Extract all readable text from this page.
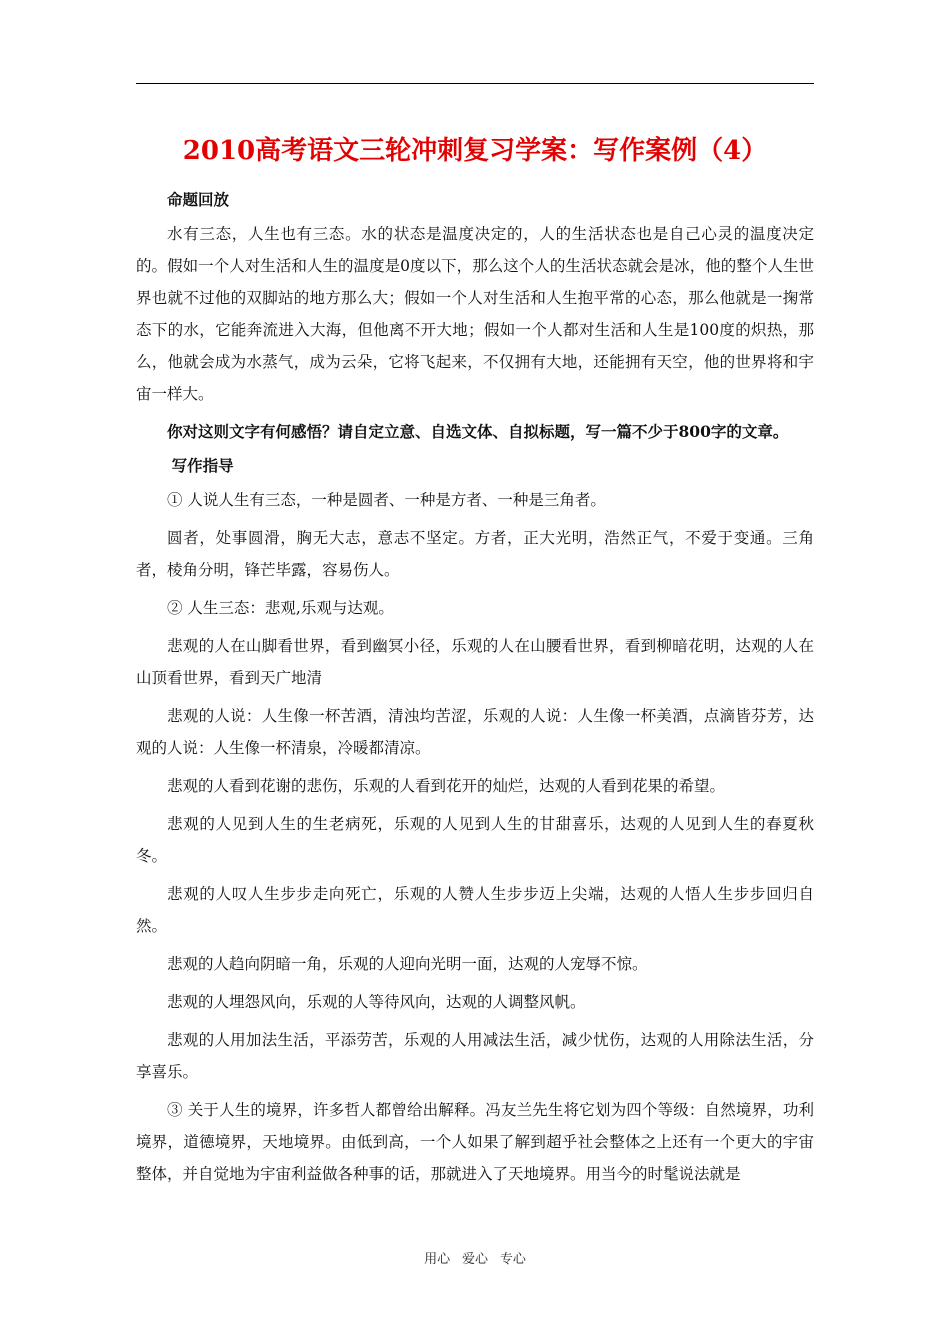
2010高考语文三轮冲刺复习学案：写作案例（4）

命题回放

水有三态，人生也有三态。水的状态是温度决定的，人的生活状态也是自己心灵的温度决定的。假如一个人对生活和人生的温度是0度以下，那么这个人的生活状态就会是冰，他的整个人生世界也就不过他的双脚站的地方那么大；假如一个人对生活和人生抱平常的心态，那么他就是一掬常态下的水，它能奔流进入大海，但他离不开大地；假如一个人都对生活和人生是100度的炽热，那么，他就会成为水蒸气，成为云朵，它将飞起来，不仅拥有大地，还能拥有天空，他的世界将和宇宙一样大。

你对这则文字有何感悟？请自定立意、自选文体、自拟标题，写一篇不少于800字的文章。

写作指导

① 人说人生有三态，一种是圆者、一种是方者、一种是三角者。

圆者，处事圆滑，胸无大志，意志不坚定。方者，正大光明，浩然正气，不爱于变通。三角者，棱角分明，锋芒毕露，容易伤人。

② 人生三态：悲观,乐观与达观。

悲观的人在山脚看世界，看到幽冥小径，乐观的人在山腰看世界，看到柳暗花明，达观的人在山顶看世界，看到天广地清

悲观的人说：人生像一杯苦酒，清浊均苦涩，乐观的人说：人生像一杯美酒，点滴皆芬芳，达观的人说：人生像一杯清泉，冷暖都清凉。

悲观的人看到花谢的悲伤，乐观的人看到花开的灿烂，达观的人看到花果的希望。

悲观的人见到人生的生老病死，乐观的人见到人生的甘甜喜乐，达观的人见到人生的春夏秋冬。

悲观的人叹人生步步走向死亡，乐观的人赞人生步步迈上尖端，达观的人悟人生步步回归自然。

悲观的人趋向阴暗一角，乐观的人迎向光明一面，达观的人宠辱不惊。

悲观的人埋怨风向，乐观的人等待风向，达观的人调整风帆。

悲观的人用加法生活，平添劳苦，乐观的人用减法生活，减少忧伤，达观的人用除法生活，分享喜乐。

③ 关于人生的境界，许多哲人都曾给出解释。冯友兰先生将它划为四个等级：自然境界，功利境界，道德境界，天地境界。由低到高，一个人如果了解到超乎社会整体之上还有一个更大的宇宙整体，并自觉地为宇宙利益做各种事的话，那就进入了天地境界。用当今的时髦说法就是

用心 爱心 专心
